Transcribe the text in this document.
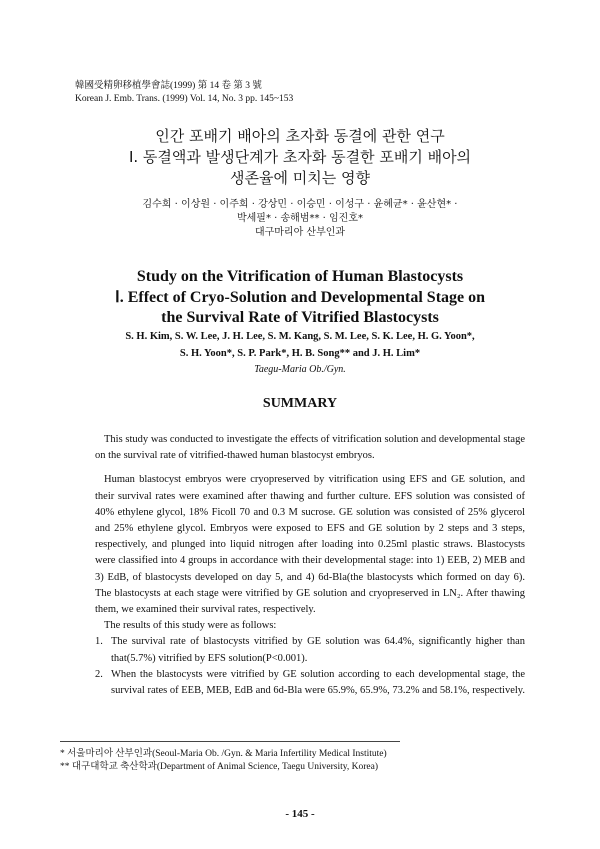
韓國受精卵移植學會誌(1999) 第 14 卷 第 3 號
Korean J. Emb. Trans. (1999) Vol. 14, No. 3 pp. 145~153
인간 포배기 배아의 초자화 동결에 관한 연구
Ⅰ. 동결액과 발생단계가 초자화 동결한 포배기 배아의
생존율에 미치는 영향
김수희 · 이상원 · 이주희 · 강상민 · 이승민 · 이성구 · 윤혜균* · 윤산현* ·
박세필* · 송해범** · 임진호*
대구마리아 산부인과
Study on the Vitrification of Human Blastocysts
Ⅰ. Effect of Cryo-Solution and Developmental Stage on
the Survival Rate of Vitrified Blastocysts
S. H. Kim, S. W. Lee, J. H. Lee, S. M. Kang, S. M. Lee, S. K. Lee, H. G. Yoon*,
S. H. Yoon*, S. P. Park*, H. B. Song** and J. H. Lim*
Taegu-Maria Ob./Gyn.
SUMMARY

This study was conducted to investigate the effects of vitrification solution and developmental stage on the survival rate of vitrified-thawed human blastocyst embryos.

Human blastocyst embryos were cryopreserved by vitrification using EFS and GE solution, and their survival rates were examined after thawing and further culture. EFS solution was consisted of 40% ethylene glycol, 18% Ficoll 70 and 0.3 M sucrose. GE solution was consisted of 25% glycerol and 25% ethylene glycol. Embryos were exposed to EFS and GE solution by 2 steps and 3 steps, respectively, and plunged into liquid nitrogen after loading into 0.25ml plastic straws. Blastocysts were classified into 4 groups in accordance with their developmental stage: into 1) EEB, 2) MEB and 3) EdB, of blastocysts developed on day 5, and 4) 6d-Bla(the blastocysts which formed on day 6). The blastocysts at each stage were vitrified by GE solution and cryopreserved in LN₂. After thawing them, we examined their survival rates, respectively.

The results of this study were as follows:

1. The survival rate of blastocysts vitrified by GE solution was 64.4%, significantly higher than that(5.7%) vitrified by EFS solution(P<0.001).
2. When the blastocysts were vitrified by GE solution according to each developmental stage, the survival rates of EEB, MEB, EdB and 6d-Bla were 65.9%, 65.9%, 73.2% and 58.1%, respectively.
* 서울마리아 산부인과(Seoul-Maria Ob. /Gyn. & Maria Infertility Medical Institute)
** 대구대학교 축산학과(Department of Animal Science, Taegu University, Korea)
- 145 -
